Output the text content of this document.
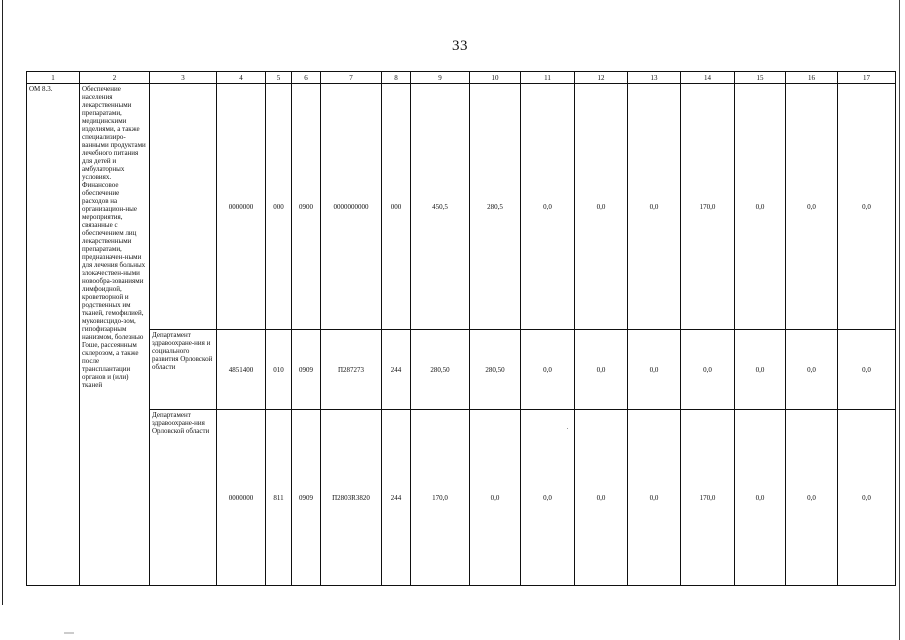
33
1	2	3	4	5	6	7	8	9	10	11	12	13	14	15	16	17
ОМ 8.3.	Обеспечение населения лекарственными препаратами, медицинскими изделиями, а также специализиро-ванными продуктами лечебного питания для детей и амбулаторных условиях. Финансовое обеспечение расходов на организацион-ные мероприятия, связанные с обеспечением лиц лекарственными препаратами, предназначен-ными для лечения больных злокачествен-ными новообра-зованиями лимфоидной, кроветворной и родственных им тканей, гемофилией, муковисцидо-зом, гипофизарным нанизмом, болезнью Гоше, рассеянным склерозом, а также после трансплантации органов и (или) тканей		0000000	000	0900	0000000000	000	450,5	280,5	0,0	0,0	0,0	170,0	0,0	0,0	0,0
		Департамент здравоохране-ния и социального развития Орловской области	4851400	010	0909	П287273	244	280,50	280,50	0,0	0,0	0,0	0,0	0,0	0,0	0,0
		Департамент здравоохране-ния Орловской области	0000000	811	0909	П2803R3820	244	170,0	0,0	0,0	0,0	0,0	170,0	0,0	0,0	0,0
